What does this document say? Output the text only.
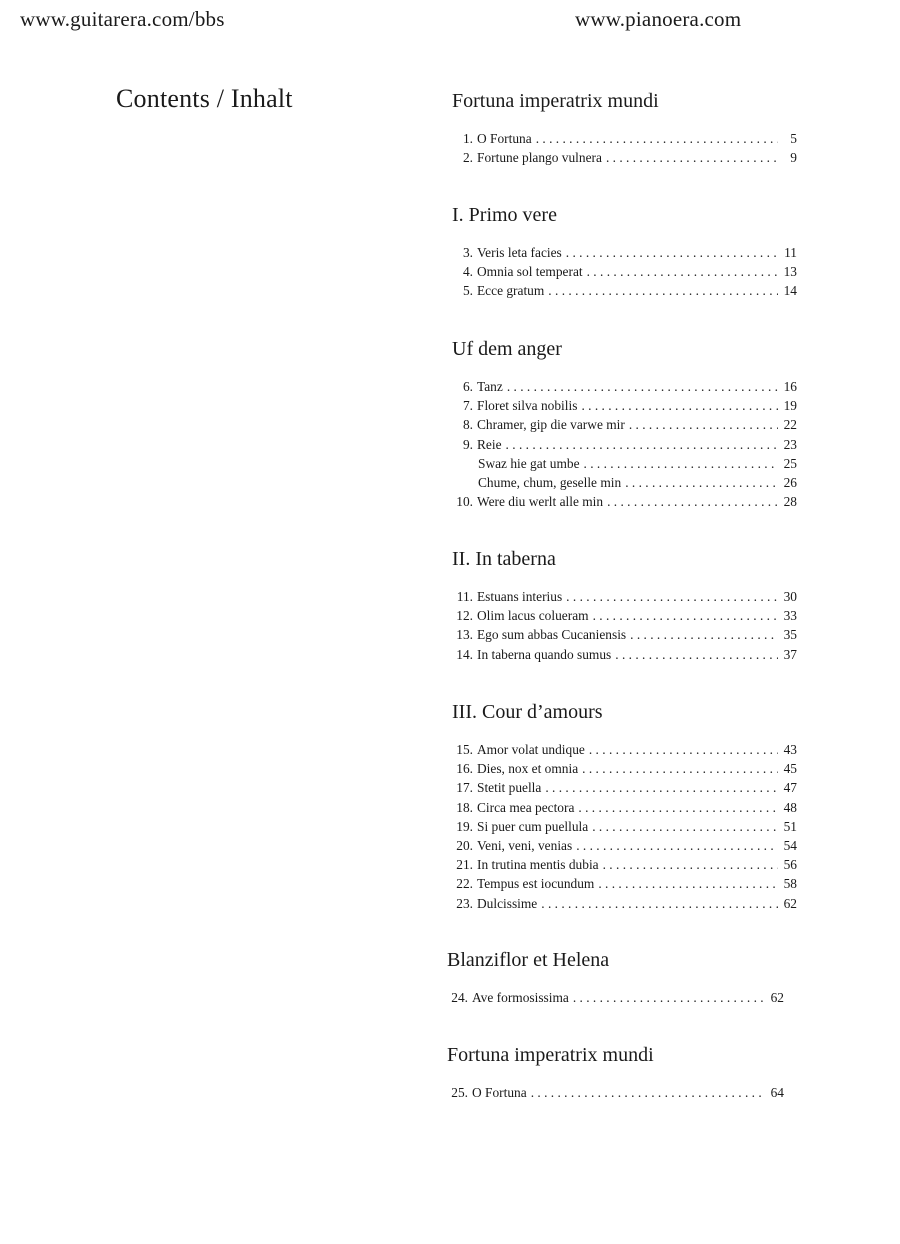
www.guitarera.com/bbs	www.pianoera.com
Contents / Inhalt	Fortuna imperatrix mundi
1. O Fortuna . . .	5
2. Fortune plango vulnera . . .	9
I. Primo vere
3. Veris leta facies . . .	11
4. Omnia sol temperat . . .	13
5. Ecce gratum . . .	14
Uf dem anger
6. Tanz . . .	16
7. Floret silva nobilis . . .	19
8. Chramer, gip die varwe mir . . .	22
9. Reie . . .	23
Swaz hie gat umbe . . .	25
Chume, chum, geselle min . . .	26
10. Were diu werlt alle min . . .	28
II. In taberna
11. Estuans interius . . .	30
12. Olim lacus colueram . . .	33
13. Ego sum abbas Cucaniensis . . .	35
14. In taberna quando sumus . . .	37
III. Cour d’amours
15. Amor volat undique . . .	43
16. Dies, nox et omnia . . .	45
17. Stetit puella . . .	47
18. Circa mea pectora . . .	48
19. Si puer cum puellula . . .	51
20. Veni, veni, venias . . .	54
21. In trutina mentis dubia . . .	56
22. Tempus est iocundum . . .	58
23. Dulcissime . . .	62
Blanziflor et Helena
24. Ave formosissima . . .	62
Fortuna imperatrix mundi
25. O Fortuna . . .	64
